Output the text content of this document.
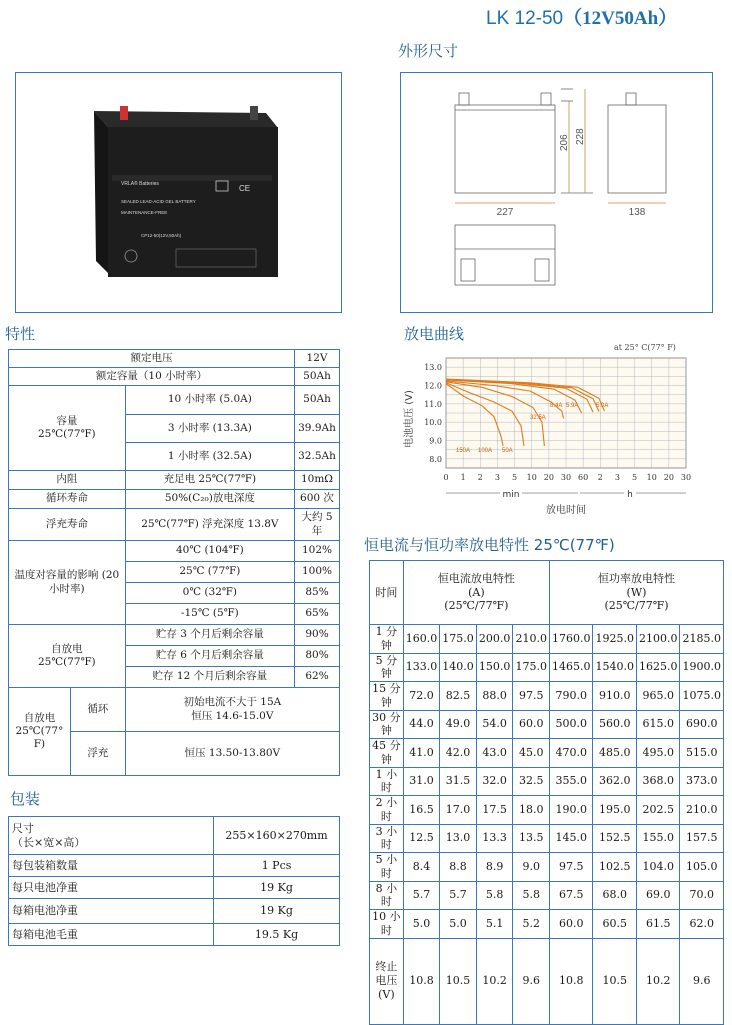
LK 12-50（12V50Ah）
外形尺寸
VRLA® Batteries
SEALED LEAD-ACID GEL BATTERY
MAINTENANCE-FREE
CP12-50(12V,50Ah)
CE
227	138
206 228
特性	放电曲线
额定电压			12V
额定容量（10 小时率）			50Ah
容量
25℃(77℉)		10 小时率 (5.0A)	50Ah
		3 小时率 (13.3A)	39.9Ah
		1 小时率 (32.5A)	32.5Ah
内阻		充足电 25℃(77℉)	10mΩ
循环寿命		50%(C₂₀)放电深度	600 次
浮充寿命		25℃(77℉) 浮充深度 13.8V	大约 5 年
温度对容量的影响 (20 小时率)		40℃ (104℉)	102%
		25℃ (77℉)	100%
		0℃ (32℉)	85%
		-15℃ (5℉)	65%
自放电
25℃(77℉)		贮存 3 个月后剩余容量	90%
		贮存 6 个月后剩余容量	80%
		贮存 12 个月后剩余容量	62%
自放电 25℃(77° F)	循环	初始电流不大于 15A
恒压 14.6-15.0V	
	浮充	恒压 13.50-13.80V	
at 25° C(77° F)
电池电压 (V)
150A 100A 50A
32.5A
8.4A 5.9A	5.0A
8.0
9.0
10.0
11.0
12.0
13.0
0 1 2 3 5 10 20 30 60 2 3 5 10 20 30
min	h
放电时间
恒电流与恒功率放电特性 25℃(77℉)
时间	恒电流放电特性
(A)
(25℃/77℉)				恒功率放电特性
(W)
(25℃/77℉)			
1 分钟	160.0	175.0	200.0	210.0	1760.0	1925.0	2100.0	2185.0
5 分钟	133.0	140.0	150.0	175.0	1465.0	1540.0	1625.0	1900.0
15 分钟	72.0	82.5	88.0	97.5	790.0	910.0	965.0	1075.0
30 分钟	44.0	49.0	54.0	60.0	500.0	560.0	615.0	690.0
45 分钟	41.0	42.0	43.0	45.0	470.0	485.0	495.0	515.0
1 小时	31.0	31.5	32.0	32.5	355.0	362.0	368.0	373.0
2 小时	16.5	17.0	17.5	18.0	190.0	195.0	202.5	210.0
3 小时	12.5	13.0	13.3	13.5	145.0	152.5	155.0	157.5
5 小时	8.4	8.8	8.9	9.0	97.5	102.5	104.0	105.0
8 小时	5.7	5.7	5.8	5.8	67.5	68.0	69.0	70.0
10 小时	5.0	5.0	5.1	5.2	60.0	60.5	61.5	62.0
终止 电压 (V)	10.8	10.5	10.2	9.6	10.8	10.5	10.2	9.6
包装
尺寸
（长×宽×高）	255×160×270mm
每包装箱数量	1 Pcs
每只电池净重	19 Kg
每箱电池净重	19 Kg
每箱电池毛重	19.5 Kg
